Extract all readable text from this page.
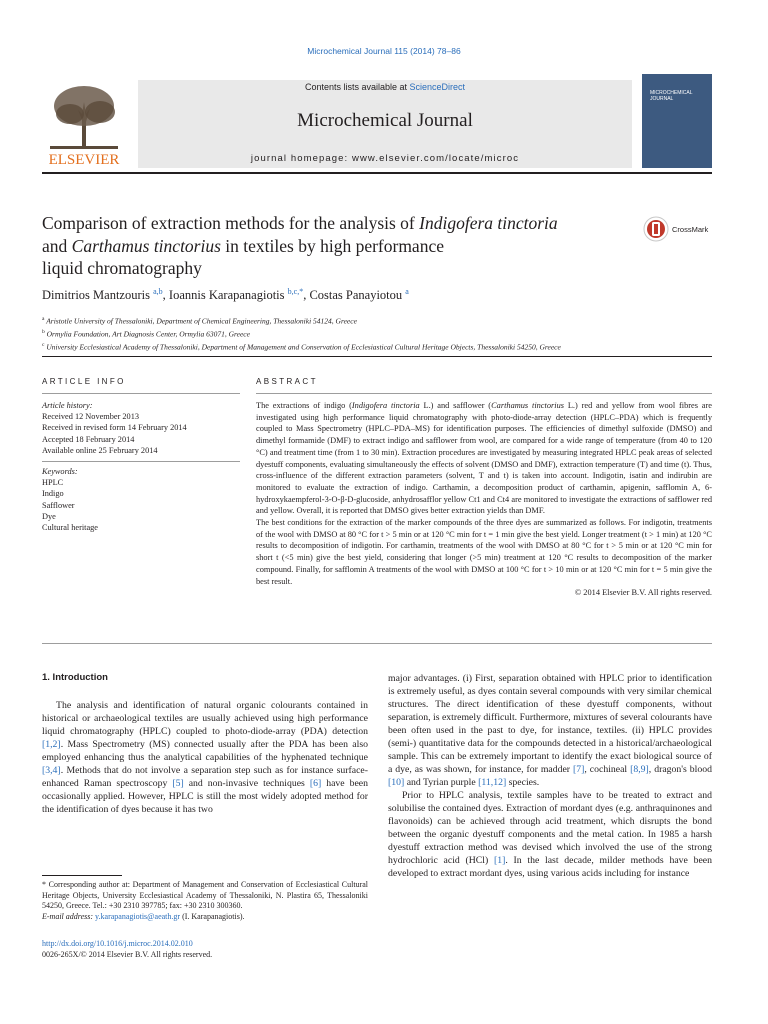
Microchemical Journal 115 (2014) 78–86
ELSEVIER
Contents lists available at ScienceDirect
Microchemical Journal
journal homepage: www.elsevier.com/locate/microc
MICROCHEMICAL JOURNAL
Comparison of extraction methods for the analysis of Indigofera tinctoria
and Carthamus tinctorius in textiles by high performance
liquid chromatography
CrossMark
Dimitrios Mantzouris $^{a,b}$, Ioannis Karapanagiotis $^{b,c,*}$, Costas Panayiotou $^a$
$^a$ Aristotle University of Thessaloniki, Department of Chemical Engineering, Thessaloniki 54124, Greece
$^b$ Ormylia Foundation, Art Diagnosis Center, Ormylia 63071, Greece
$^c$ University Ecclesiastical Academy of Thessaloniki, Department of Management and Conservation of Ecclesiastical Cultural Heritage Objects, Thessaloniki 54250, Greece
ARTICLE INFO	ABSTRACT
Article history:
Received 12 November 2013
Received in revised form 14 February 2014
Accepted 18 February 2014
Available online 25 February 2014
Keywords:
HPLC
Indigo
Safflower
Dye
Cultural heritage

The extractions of indigo (Indigofera tinctoria L.) and safflower (Carthamus tinctorius L.) red and yellow from wool fibres are investigated using high performance liquid chromatography with photo-diode-array detection (HPLC–PDA) which is frequently coupled to Mass Spectrometry (HPLC–PDA–MS) for identification purposes. The efficiencies of dimethyl sulfoxide (DMSO) and dimethyl formamide (DMF) to extract indigo and safflower from wool, are compared for a wide range of temperature (from 40 to 120 °C) and treatment time (from 1 to 30 min). Extraction procedures are investigated by measuring integrated HPLC peak areas of selected dyestuff components, evaluating simultaneously the effects of solvent (DMSO and DMF), extraction temperature (T) and time (t). Thus, cross-influence of the different extraction parameters (solvent, T and t) is taken into account. Indigotin, isatin and indirubin are monitored to evaluate the extraction of indigo. Carthamin, a decomposition product of carthamin, apigenin, safflomin A, 6-hydroxykaempferol-3-O-β-D-glucoside, anhydrosafflor yellow Ct1 and Ct4 are monitored to investigate the extractions of safflower red and yellow. Overall, it is reported that DMSO gives better extraction yields than DMF.

The best conditions for the extraction of the marker compounds of the three dyes are summarized as follows. For indigotin, treatments of the wool with DMSO at 80 °C for t > 5 min or at 120 °C min for t = 1 min give the best yield. Longer treatment (t > 1 min) at 120 °C results to decomposition of indigotin. For carthamin, treatments of the wool with DMSO at 80 °C for t > 5 min or at 120 °C min for short t (<5 min) give the best yield, considering that longer (>5 min) treatment at 120 °C results to decomposition of the marker compound. Finally, for safflomin A treatments of the wool with DMSO at 100 °C for t > 10 min or at 120 °C min for t = 5 min give the best result.

© 2014 Elsevier B.V. All rights reserved.

1. Introduction

The analysis and identification of natural organic colourants contained in historical or archaeological textiles are usually achieved using high performance liquid chromatography (HPLC) coupled to photo-diode-array (PDA) detection [1,2]. Mass Spectrometry (MS) connected usually after the PDA has been also employed enhancing thus the analytical capabilities of the hyphenated technique [3,4]. Methods that do not involve a separation step such as for instance surface-enhanced Raman spectroscopy [5] and non-invasive techniques [6] have been occasionally applied. However, HPLC is still the most widely adopted method for the identification of dyes because it has two

major advantages. (i) First, separation obtained with HPLC prior to identification is extremely useful, as dyes contain several compounds with very similar chemical structures. The direct identification of these dyestuff components, without separation, is extremely difficult. Furthermore, mixtures of several colourants have been often used in the past to dye, for instance, textiles. (ii) HPLC provides (semi-) quantitative data for the compounds detected in a historical/archaeological sample. This can be extremely important to identify the exact biological source of a dye, as was shown, for instance, for madder [7], cochineal [8,9], dragon's blood [10] and Tyrian purple [11,12] species.

Prior to HPLC analysis, textile samples have to be treated to extract and solubilise the contained dyes. Extraction of mordant dyes (e.g. anthraquinones and flavonoids) can be achieved through acid treatment, which disrupts the bond between the organic dyestuff components and the metal cation. In 1985 a harsh dyestuff extraction method was devised which involved the use of the strong hydrochloric acid (HCl) [1]. In the last decade, milder methods have been developed to extract mordant dyes, using various acids including for instance

* Corresponding author at: Department of Management and Conservation of Ecclesiastical Cultural Heritage Objects, University Ecclesiastical Academy of Thessaloniki, N. Plastira 65, Thessaloniki 54250, Greece. Tel.: +30 2310 397785; fax: +30 2310 300360.
E-mail address: y.karapanagiotis@aeath.gr (I. Karapanagiotis).
http://dx.doi.org/10.1016/j.microc.2014.02.010
0026-265X/© 2014 Elsevier B.V. All rights reserved.
